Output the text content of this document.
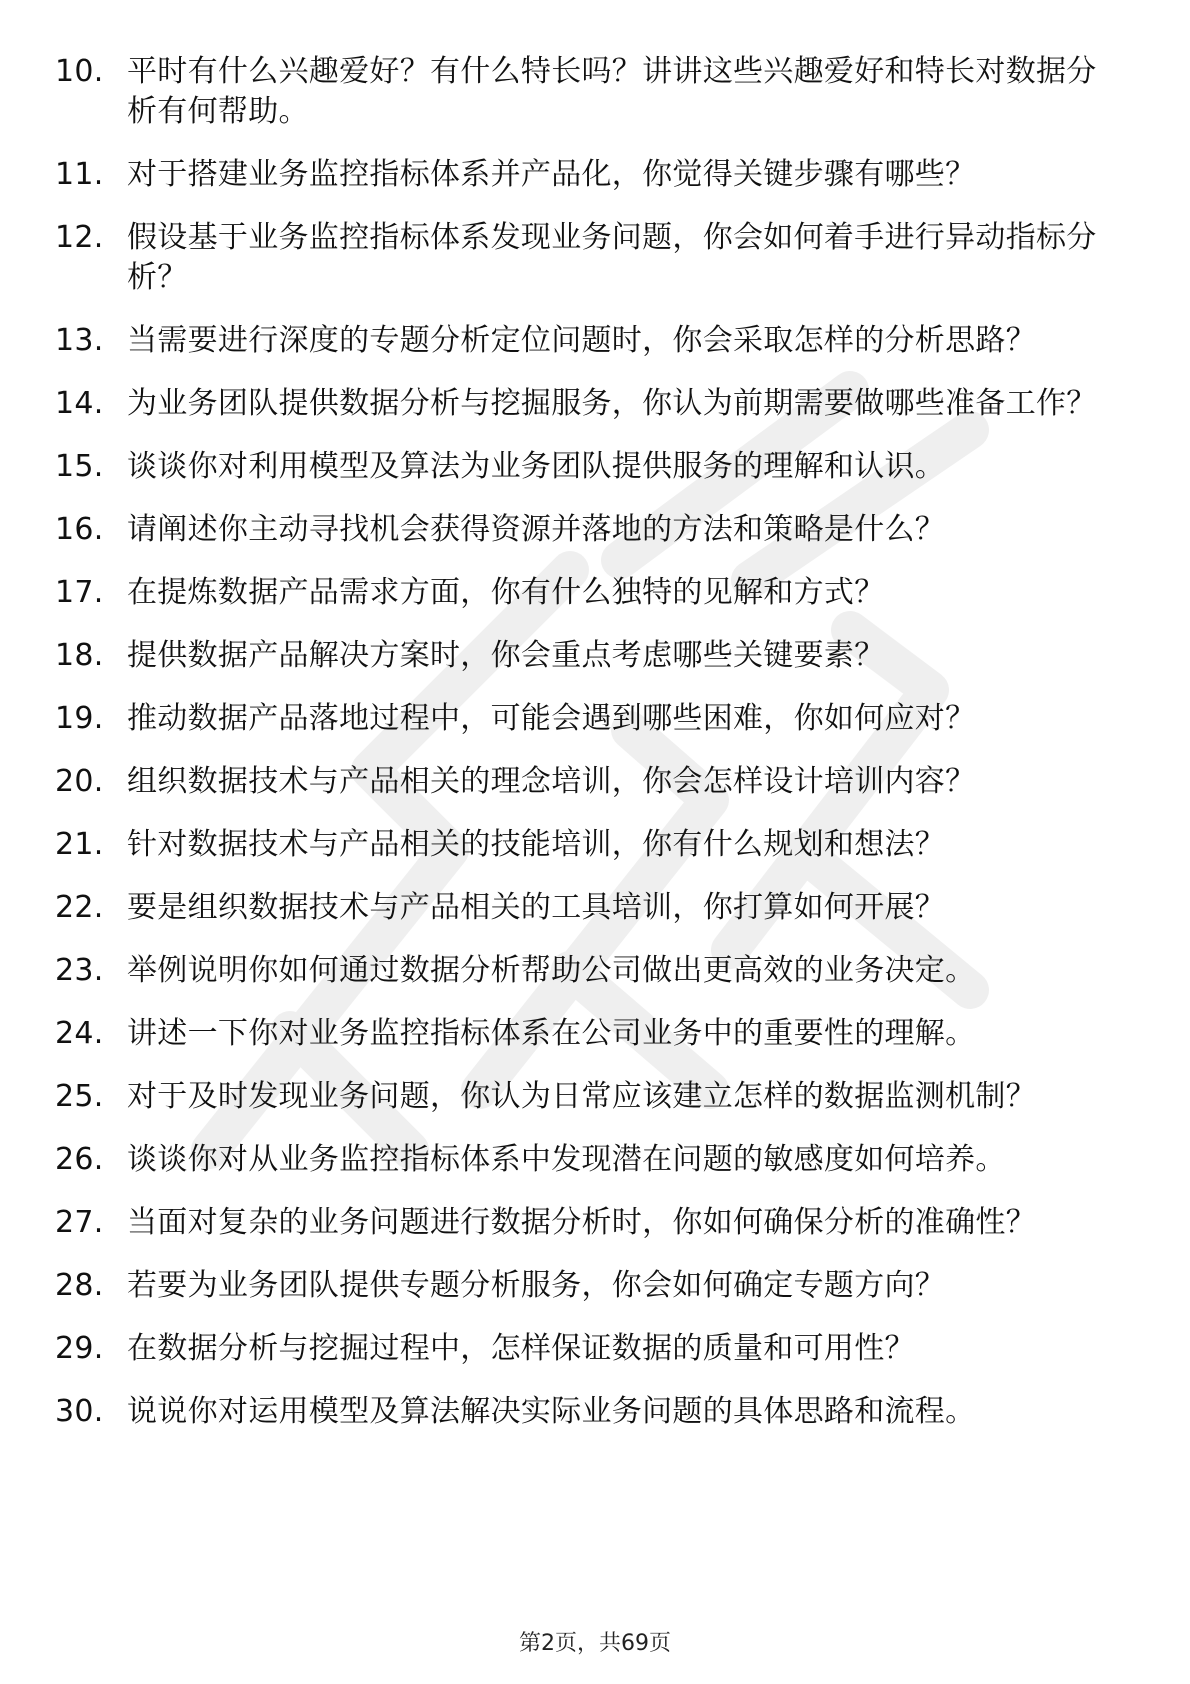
10. 平时有什么兴趣爱好？有什么特长吗？讲讲这些兴趣爱好和特长对数据分析有何帮助。
11. 对于搭建业务监控指标体系并产品化，你觉得关键步骤有哪些？
12. 假设基于业务监控指标体系发现业务问题，你会如何着手进行异动指标分析？
13. 当需要进行深度的专题分析定位问题时，你会采取怎样的分析思路？
14. 为业务团队提供数据分析与挖掘服务，你认为前期需要做哪些准备工作？
15. 谈谈你对利用模型及算法为业务团队提供服务的理解和认识。
16. 请阐述你主动寻找机会获得资源并落地的方法和策略是什么？
17. 在提炼数据产品需求方面，你有什么独特的见解和方式？
18. 提供数据产品解决方案时，你会重点考虑哪些关键要素？
19. 推动数据产品落地过程中，可能会遇到哪些困难，你如何应对？
20. 组织数据技术与产品相关的理念培训，你会怎样设计培训内容？
21. 针对数据技术与产品相关的技能培训，你有什么规划和想法？
22. 要是组织数据技术与产品相关的工具培训，你打算如何开展？
23. 举例说明你如何通过数据分析帮助公司做出更高效的业务决定。
24. 讲述一下你对业务监控指标体系在公司业务中的重要性的理解。
25. 对于及时发现业务问题，你认为日常应该建立怎样的数据监测机制？
26. 谈谈你对从业务监控指标体系中发现潜在问题的敏感度如何培养。
27. 当面对复杂的业务问题进行数据分析时，你如何确保分析的准确性？
28. 若要为业务团队提供专题分析服务，你会如何确定专题方向？
29. 在数据分析与挖掘过程中，怎样保证数据的质量和可用性？
30. 说说你对运用模型及算法解决实际业务问题的具体思路和流程。
第2页，共69页
